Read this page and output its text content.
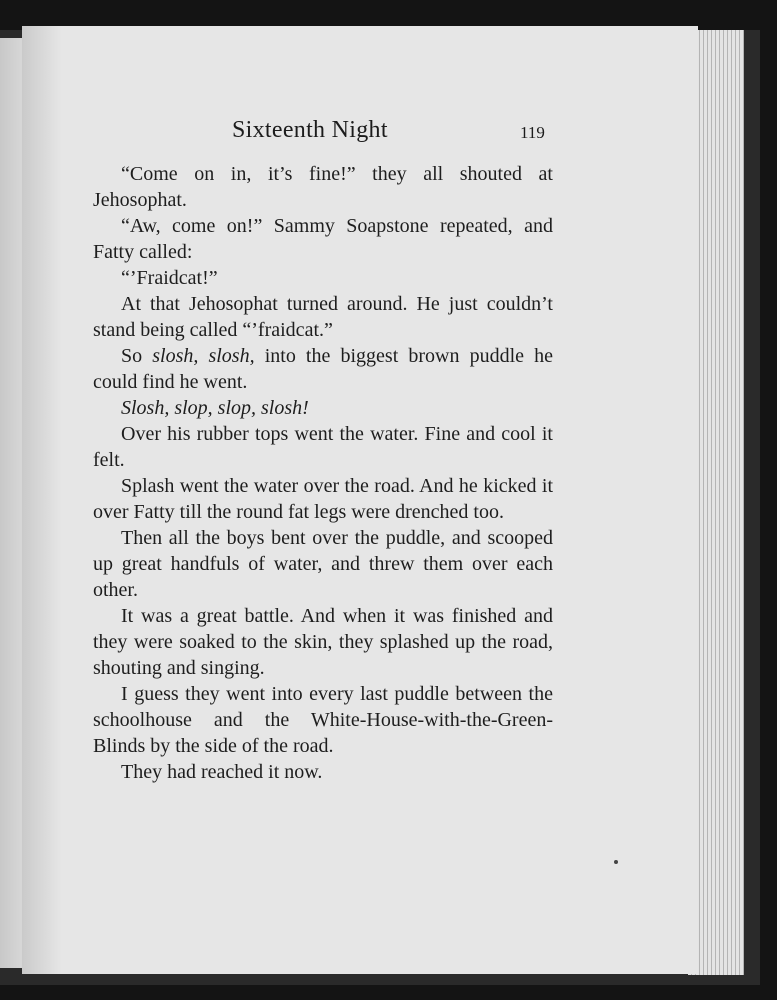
Sixteenth Night	119

“Come on in, it’s fine!” they all shouted at Jehosophat.

“Aw, come on!” Sammy Soapstone repeated, and Fatty called:

“’Fraidcat!”

At that Jehosophat turned around. He just couldn’t stand being called “’fraidcat.”

So slosh, slosh, into the biggest brown puddle he could find he went.

Slosh, slop, slop, slosh!

Over his rubber tops went the water. Fine and cool it felt.

Splash went the water over the road. And he kicked it over Fatty till the round fat legs were drenched too.

Then all the boys bent over the puddle, and scooped up great handfuls of water, and threw them over each other.

It was a great battle. And when it was finished and they were soaked to the skin, they splashed up the road, shouting and singing.

I guess they went into every last puddle between the schoolhouse and the White-House-with-the-Green-Blinds by the side of the road.

They had reached it now.
